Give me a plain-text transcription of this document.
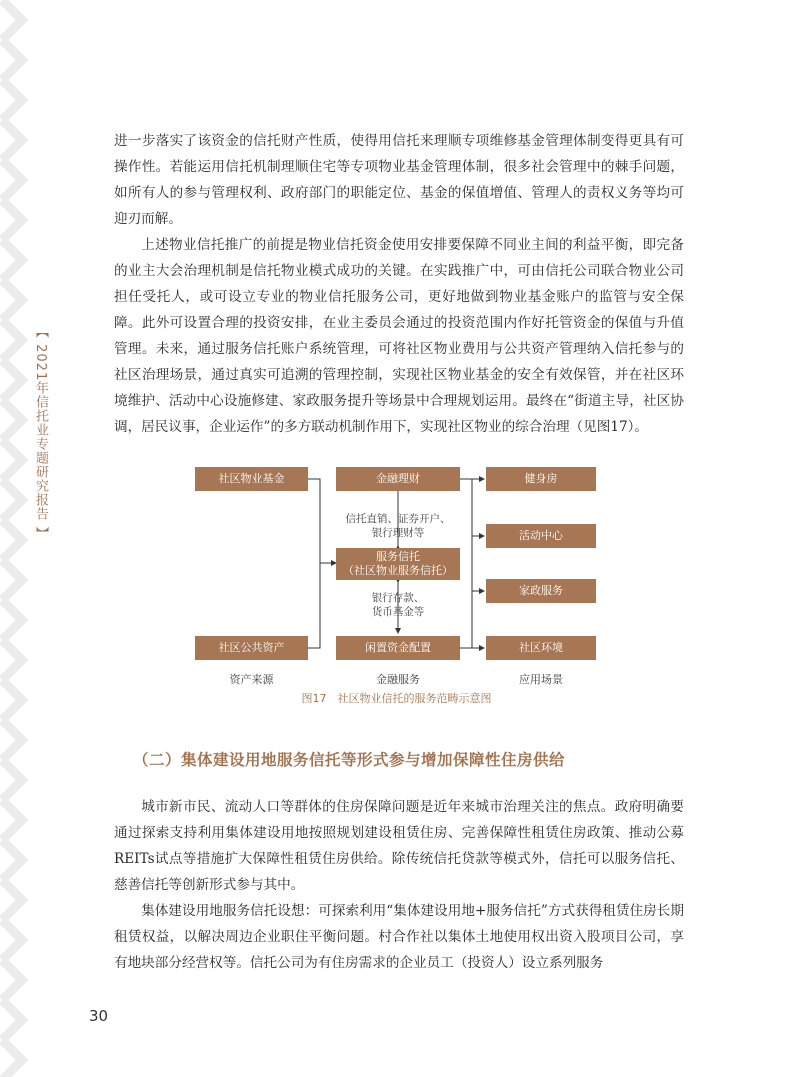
【 2021年信托业专题研究报告 】

进一步落实了该资金的信托财产性质，使得用信托来理顺专项维修基金管理体制变得更具有可操作性。若能运用信托机制理顺住宅等专项物业基金管理体制，很多社会管理中的棘手问题，如所有人的参与管理权利、政府部门的职能定位、基金的保值增值、管理人的责权义务等均可迎刃而解。

上述物业信托推广的前提是物业信托资金使用安排要保障不同业主间的利益平衡，即完备的业主大会治理机制是信托物业模式成功的关键。在实践推广中，可由信托公司联合物业公司担任受托人，或可设立专业的物业信托服务公司，更好地做到物业基金账户的监管与安全保障。此外可设置合理的投资安排，在业主委员会通过的投资范围内作好托管资金的保值与升值管理。未来，通过服务信托账户系统管理，可将社区物业费用与公共资产管理纳入信托参与的社区治理场景，通过真实可追溯的管理控制，实现社区物业基金的安全有效保管，并在社区环境维护、活动中心设施修建、家政服务提升等场景中合理规划运用。最终在“街道主导，社区协调，居民议事，企业运作”的多方联动机制作用下，实现社区物业的综合治理（见图17）。

社区物业基金
社区公共资产
金融理财
信托直销、证券开户、
银行理财等
服务信托
（社区物业服务信托）
银行存款、
货币基金等
闲置资金配置
健身房
活动中心
家政服务
社区环境
资产来源	金融服务	应用场景
图17　社区物业信托的服务范畴示意图
（二）集体建设用地服务信托等形式参与增加保障性住房供给

城市新市民、流动人口等群体的住房保障问题是近年来城市治理关注的焦点。政府明确要通过探索支持利用集体建设用地按照规划建设租赁住房、完善保障性租赁住房政策、推动公募REITs试点等措施扩大保障性租赁住房供给。除传统信托贷款等模式外，信托可以服务信托、慈善信托等创新形式参与其中。

集体建设用地服务信托设想：可探索利用“集体建设用地+服务信托”方式获得租赁住房长期租赁权益，以解决周边企业职住平衡问题。村合作社以集体土地使用权出资入股项目公司，享有地块部分经营权等。信托公司为有住房需求的企业员工（投资人）设立系列服务

30
